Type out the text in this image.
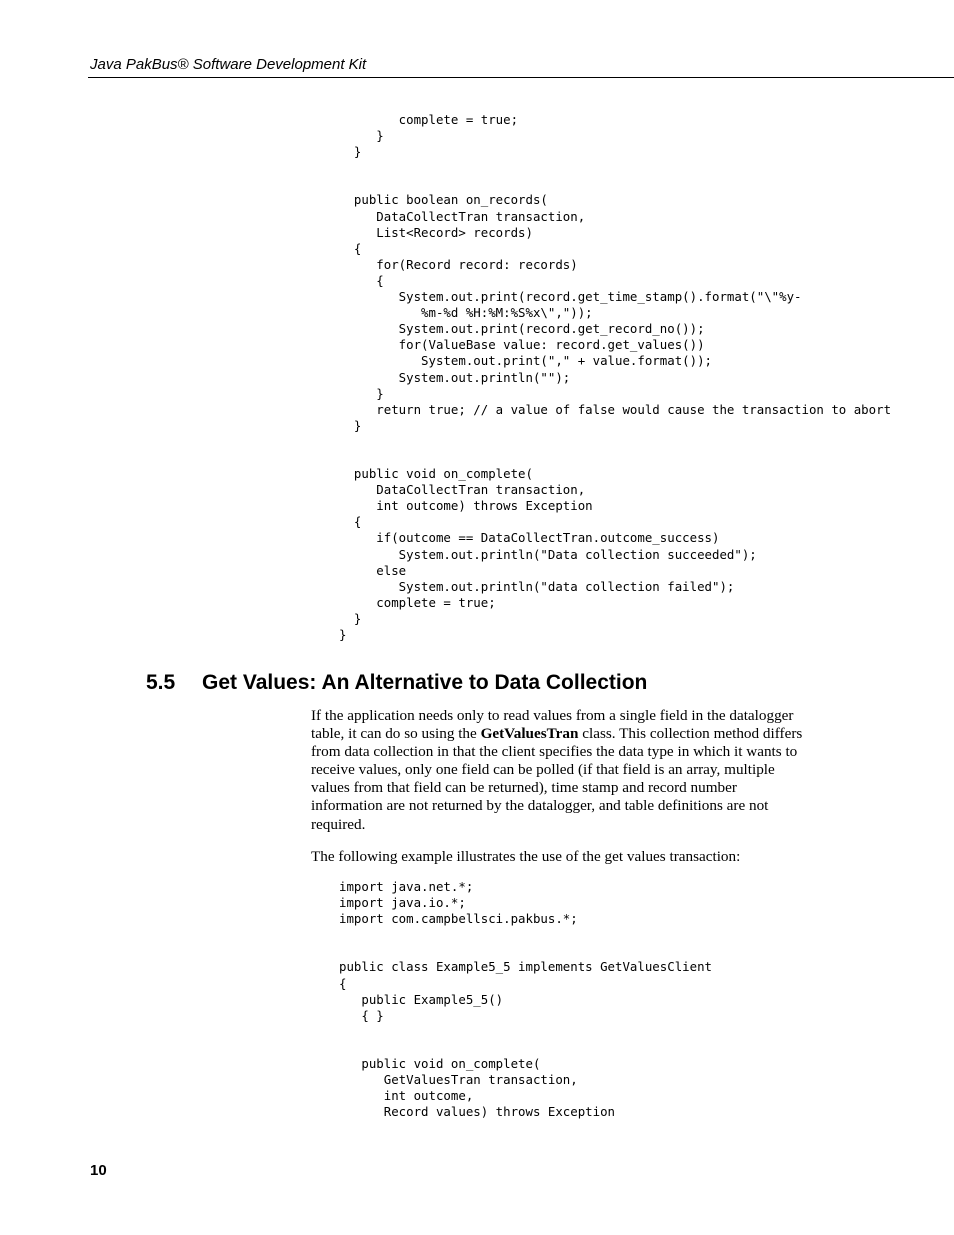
Java PakBus® Software Development Kit
complete = true;
}
}

public boolean on_records(
DataCollectTran transaction,
List<Record> records)
{
for(Record record: records)
{
System.out.print(record.get_time_stamp().format("\"%y-
%m-%d %H:%M:%S%x\","));
System.out.print(record.get_record_no());
for(ValueBase value: record.get_values())
System.out.print("," + value.format());
System.out.println("");
}
return true; // a value of false would cause the transaction to abort
}

public void on_complete(
DataCollectTran transaction,
int outcome) throws Exception
{
if(outcome == DataCollectTran.outcome_success)
System.out.println("Data collection succeeded");
else
System.out.println("data collection failed");
complete = true;
}
}
5.5 Get Values: An Alternative to Data Collection

If the application needs only to read values from a single field in the datalogger table, it can do so using the GetValuesTran class. This collection method differs from data collection in that the client specifies the data type in which it wants to receive values, only one field can be polled (if that field is an array, multiple values from that field can be returned), time stamp and record number information are not returned by the datalogger, and table definitions are not required.

The following example illustrates the use of the get values transaction:

import java.net.*;
import java.io.*;
import com.campbellsci.pakbus.*;

public class Example5_5 implements GetValuesClient
{
public Example5_5()
{ }

public void on_complete(
GetValuesTran transaction,
int outcome,
Record values) throws Exception
10
